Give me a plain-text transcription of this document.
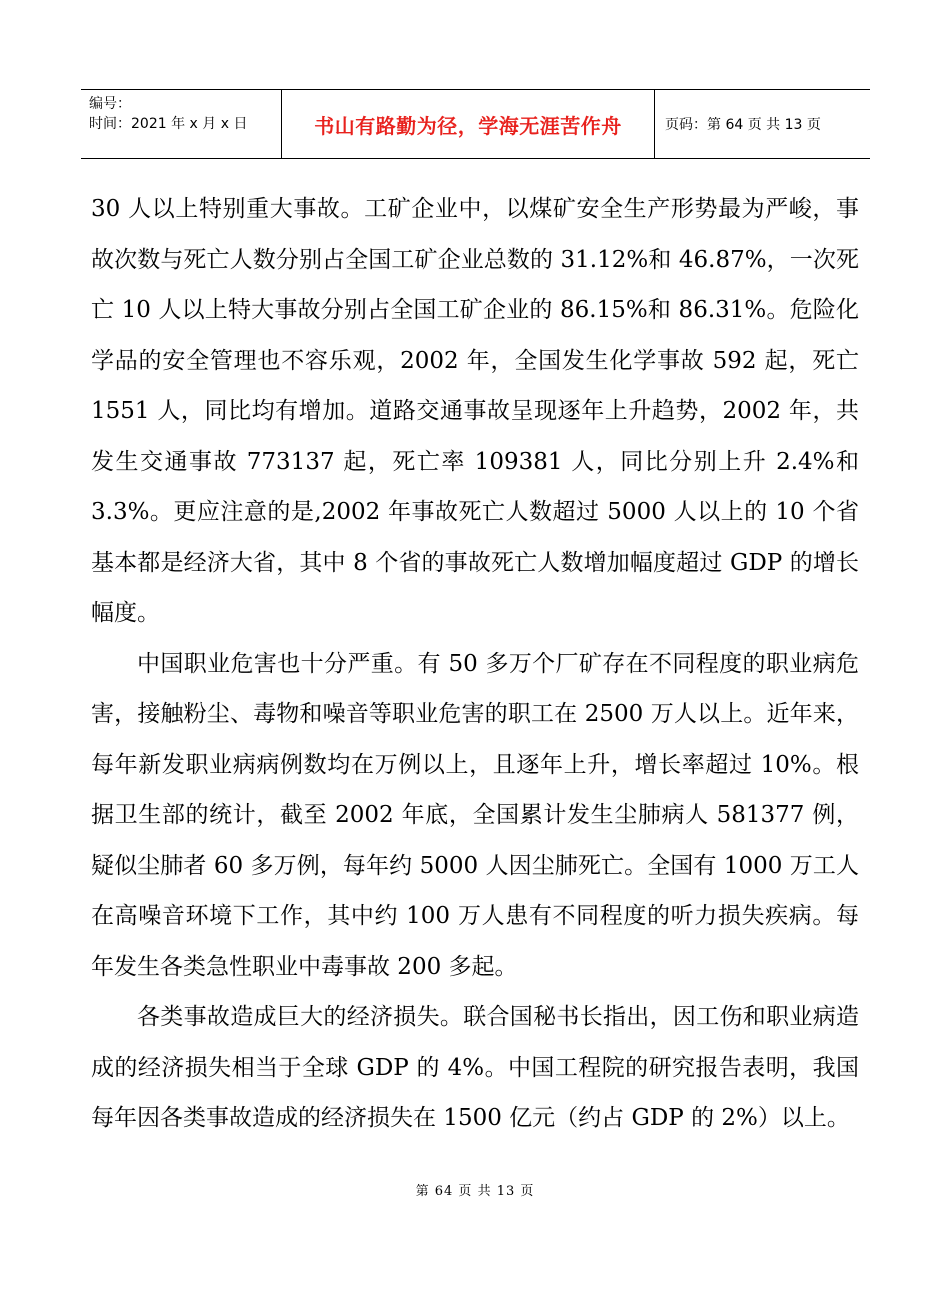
编号：
时间：2021 年 x 月 x 日	书山有路勤为径，学海无涯苦作舟	页码：第 64 页 共 13 页

30 人以上特别重大事故。工矿企业中，以煤矿安全生产形势最为严峻，事故次数与死亡人数分别占全国工矿企业总数的 31.12%和 46.87%，一次死亡 10 人以上特大事故分别占全国工矿企业的 86.15%和 86.31%。危险化学品的安全管理也不容乐观，2002 年，全国发生化学事故 592 起，死亡 1551 人，同比均有增加。道路交通事故呈现逐年上升趋势，2002 年，共发生交通事故 773137 起，死亡率 109381 人，同比分别上升 2.4%和 3.3%。更应注意的是,2002 年事故死亡人数超过 5000 人以上的 10 个省基本都是经济大省，其中 8 个省的事故死亡人数增加幅度超过 GDP 的增长幅度。

中国职业危害也十分严重。有 50 多万个厂矿存在不同程度的职业病危害，接触粉尘、毒物和噪音等职业危害的职工在 2500 万人以上。近年来，每年新发职业病病例数均在万例以上，且逐年上升，增长率超过 10%。根据卫生部的统计，截至 2002 年底，全国累计发生尘肺病人 581377 例，疑似尘肺者 60 多万例，每年约 5000 人因尘肺死亡。全国有 1000 万工人在高噪音环境下工作，其中约 100 万人患有不同程度的听力损失疾病。每年发生各类急性职业中毒事故 200 多起。

各类事故造成巨大的经济损失。联合国秘书长指出，因工伤和职业病造成的经济损失相当于全球 GDP 的 4%。中国工程院的研究报告表明，我国每年因各类事故造成的经济损失在 1500 亿元（约占 GDP 的 2%）以上。

第 64 页 共 13 页
